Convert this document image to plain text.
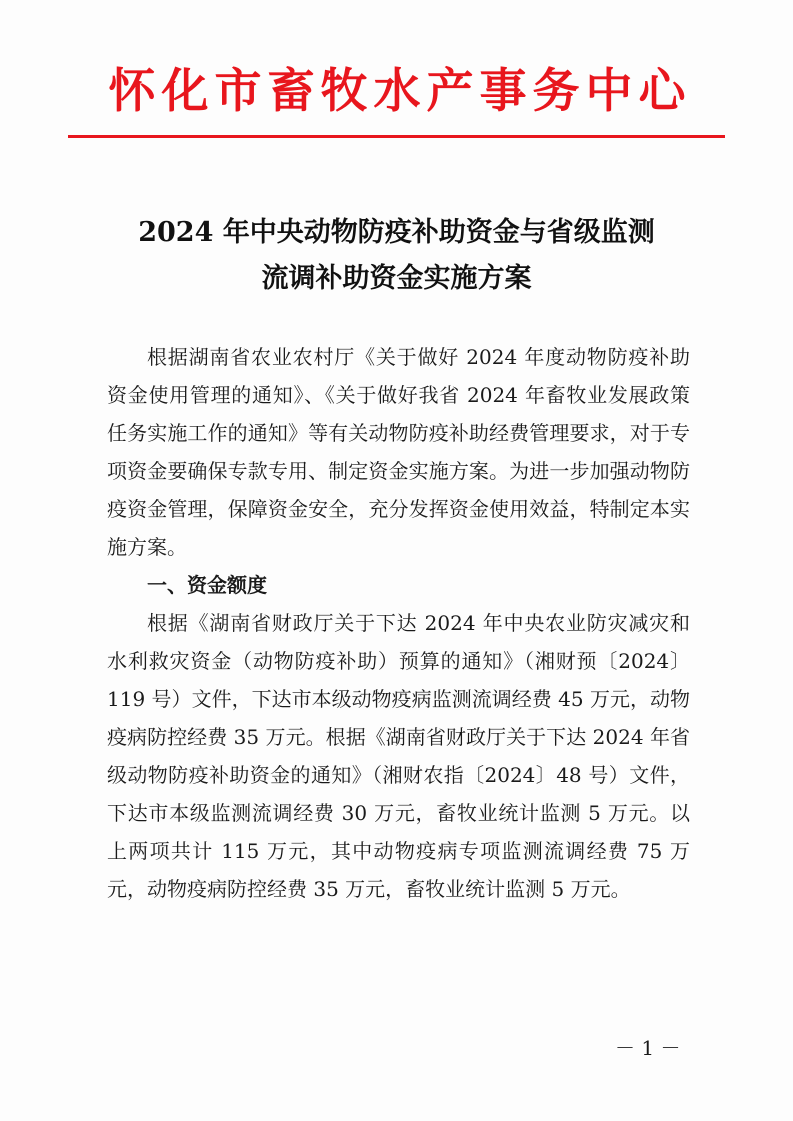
怀化市畜牧水产事务中心
2024 年中央动物防疫补助资金与省级监测
流调补助资金实施方案

根据湖南省农业农村厅《关于做好 2024 年度动物防疫补助资金使用管理的通知》、《关于做好我省 2024 年畜牧业发展政策任务实施工作的通知》等有关动物防疫补助经费管理要求，对于专项资金要确保专款专用、制定资金实施方案。为进一步加强动物防疫资金管理，保障资金安全，充分发挥资金使用效益，特制定本实施方案。

一、资金额度

根据《湖南省财政厅关于下达 2024 年中央农业防灾减灾和水利救灾资金（动物防疫补助）预算的通知》（湘财预〔2024〕119 号）文件，下达市本级动物疫病监测流调经费 45 万元，动物疫病防控经费 35 万元。根据《湖南省财政厅关于下达 2024 年省级动物防疫补助资金的通知》（湘财农指〔2024〕48 号）文件，下达市本级监测流调经费 30 万元，畜牧业统计监测 5 万元。以上两项共计 115 万元，其中动物疫病专项监测流调经费 75 万元，动物疫病防控经费 35 万元，畜牧业统计监测 5 万元。

－ 1 －
